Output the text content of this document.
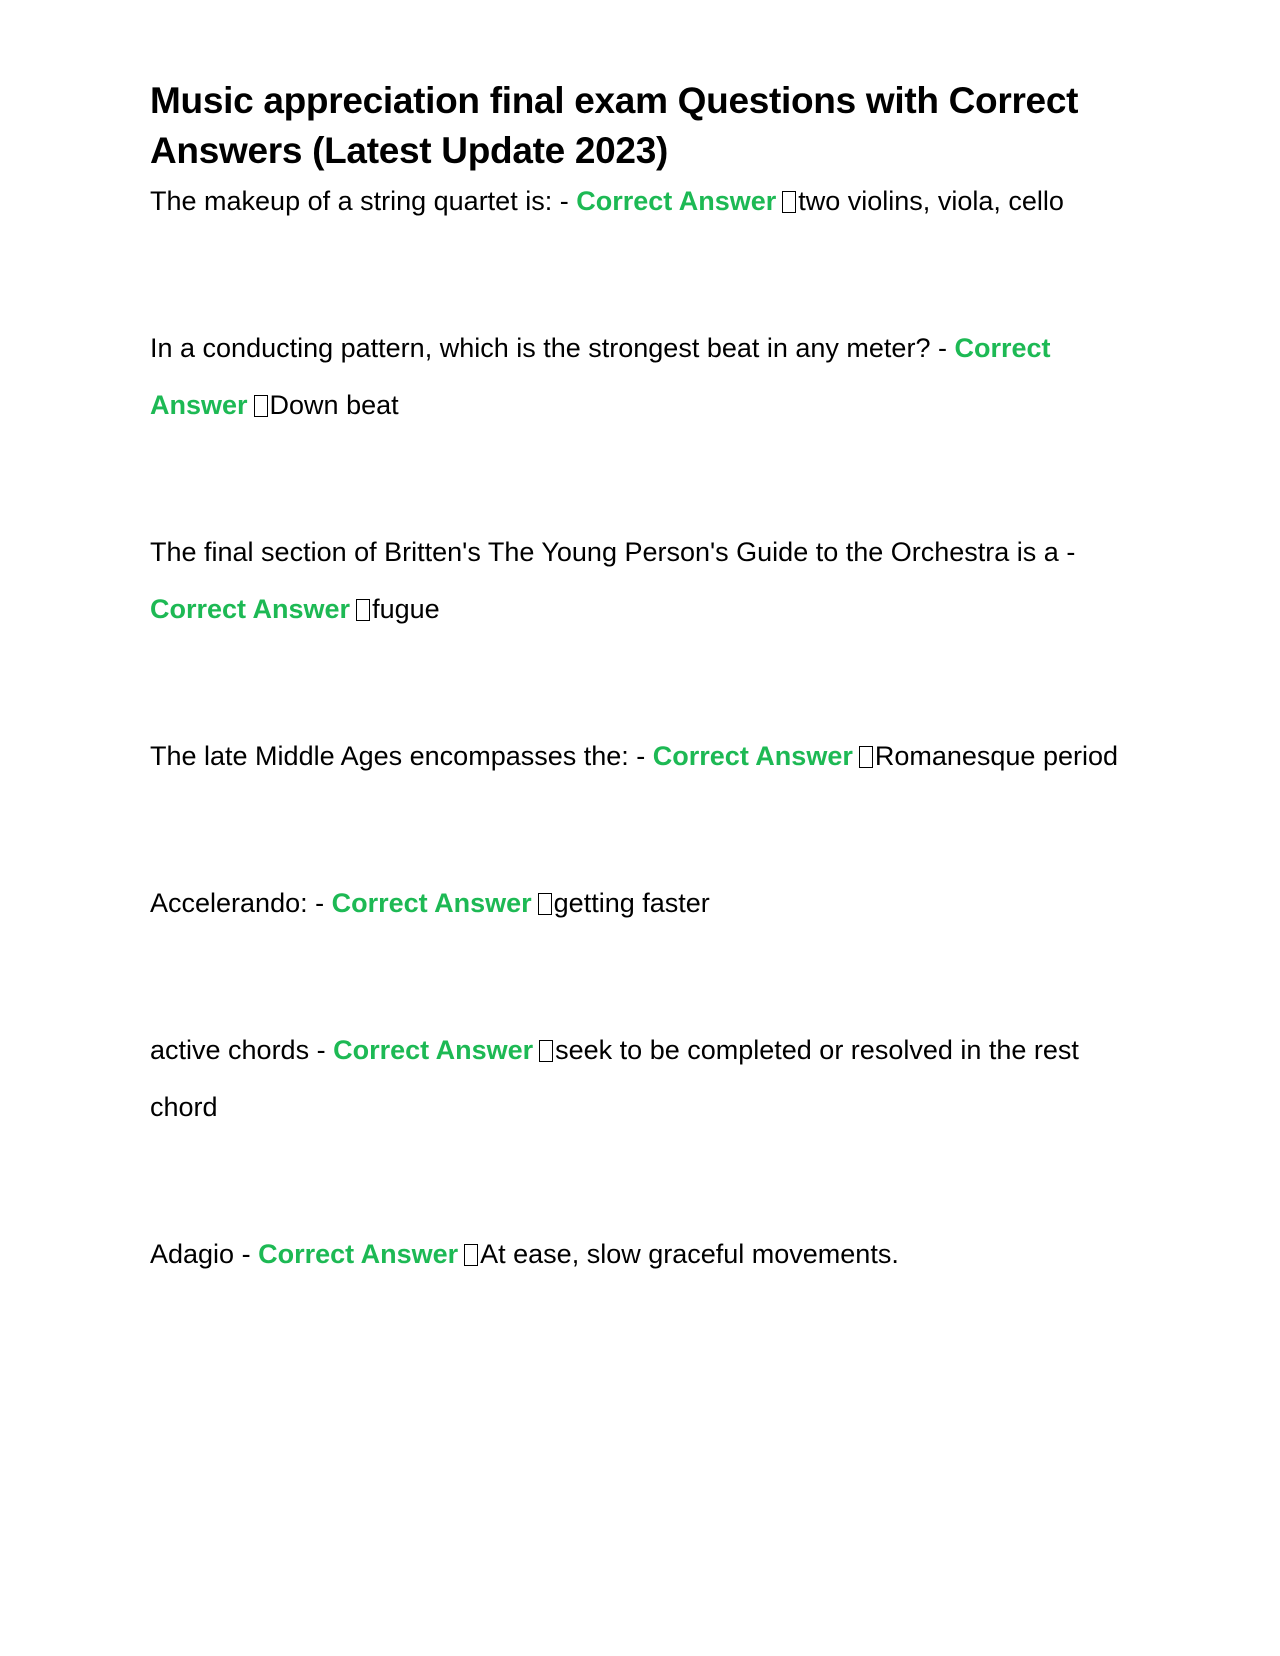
Music appreciation final exam Questions with Correct Answers (Latest Update 2023)

The makeup of a string quartet is: - Correct Answer two violins, viola, cello

In a conducting pattern, which is the strongest beat in any meter? - Correct Answer Down beat

The final section of Britten's The Young Person's Guide to the Orchestra is a - Correct Answer fugue

The late Middle Ages encompasses the: - Correct Answer Romanesque period

Accelerando: - Correct Answer getting faster

active chords - Correct Answer seek to be completed or resolved in the rest chord

Adagio - Correct Answer At ease, slow graceful movements.
